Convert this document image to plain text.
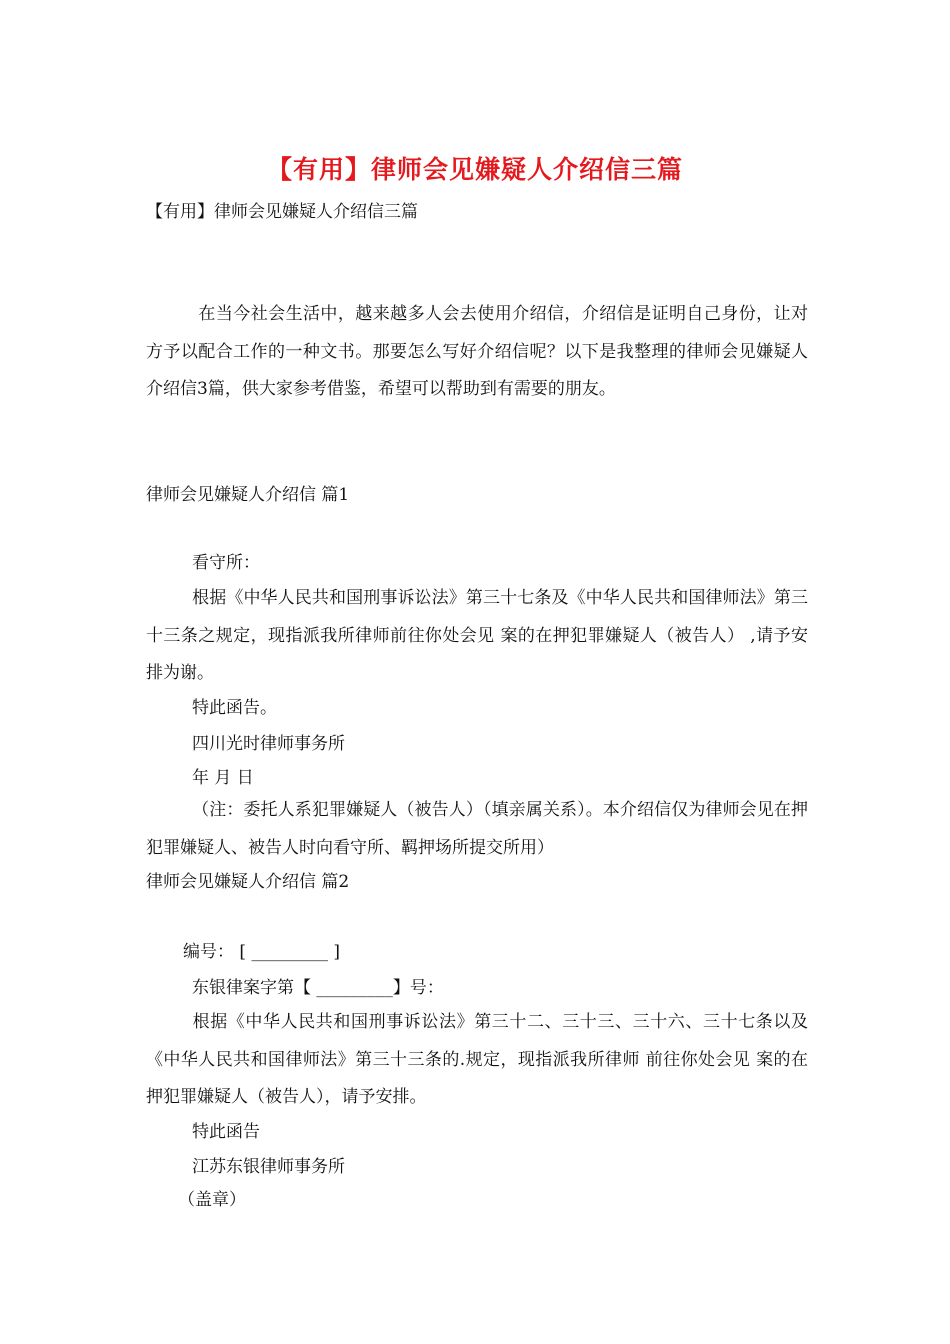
【有用】律师会见嫌疑人介绍信三篇
【有用】律师会见嫌疑人介绍信三篇
在当今社会生活中，越来越多人会去使用介绍信，介绍信是证明自己身份，让对方予以配合工作的一种文书。那要怎么写好介绍信呢？以下是我整理的律师会见嫌疑人介绍信3篇，供大家参考借鉴，希望可以帮助到有需要的朋友。
律师会见嫌疑人介绍信 篇1
看守所：
根据《中华人民共和国刑事诉讼法》第三十七条及《中华人民共和国律师法》第三十三条之规定，现指派我所律师前往你处会见 案的在押犯罪嫌疑人（被告人） ,请予安排为谢。
特此函告。
四川光时律师事务所
年 月 日
（注：委托人系犯罪嫌疑人（被告人）（填亲属关系）。本介绍信仅为律师会见在押犯罪嫌疑人、被告人时向看守所、羁押场所提交所用）
律师会见嫌疑人介绍信 篇2
编号： [ _________ ]
东银律案字第【 _________】号：
根据《中华人民共和国刑事诉讼法》第三十二、三十三、三十六、三十七条以及《中华人民共和国律师法》第三十三条的.规定，现指派我所律师 前往你处会见 案的在押犯罪嫌疑人（被告人），请予安排。
特此函告
江苏东银律师事务所
（盖章）
